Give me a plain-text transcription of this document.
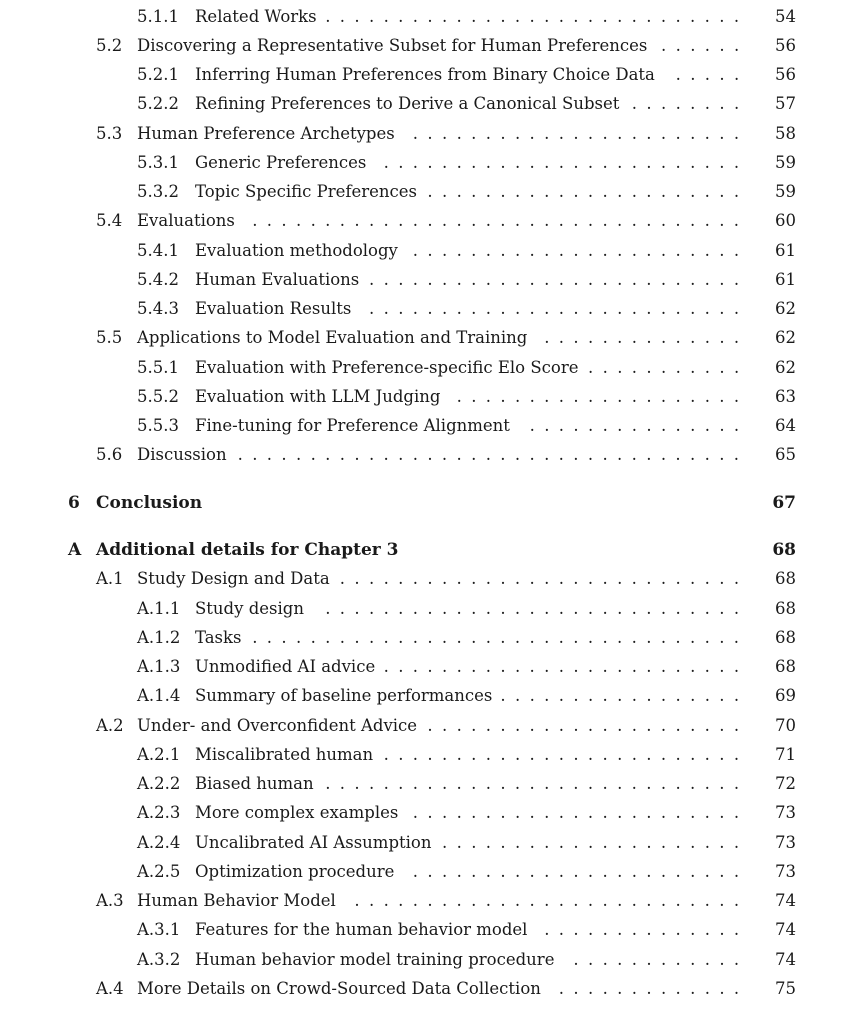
5.1.1 Related Works	54
. . . . . . . . . . . . . . . . . . . . . . . . . . . . .
5.2 Discovering a Representative Subset for Human Preferences	56
. . . . . .
5.2.1 Inferring Human Preferences from Binary Choice Data	56
. . . . .
5.2.2 Refining Preferences to Derive a Canonical Subset	57
. . . . . . . .
5.3 Human Preference Archetypes	58
. . . . . . . . . . . . . . . . . . . . . . .
5.3.1 Generic Preferences	59
. . . . . . . . . . . . . . . . . . . . . . . . .
5.3.2 Topic Specific Preferences	59
. . . . . . . . . . . . . . . . . . . . . .
5.4 Evaluations	60
. . . . . . . . . . . . . . . . . . . . . . . . . . . . . . . . . .
5.4.1 Evaluation methodology	61
. . . . . . . . . . . . . . . . . . . . . . .
5.4.2 Human Evaluations	61
. . . . . . . . . . . . . . . . . . . . . . . . . .
5.4.3 Evaluation Results	62
. . . . . . . . . . . . . . . . . . . . . . . . . .
5.5 Applications to Model Evaluation and Training	62
. . . . . . . . . . . . . .
5.5.1 Evaluation with Preference-specific Elo Score	62
. . . . . . . . . . .
5.5.2 Evaluation with LLM Judging	63
. . . . . . . . . . . . . . . . . . . .
5.5.3 Fine-tuning for Preference Alignment	64
. . . . . . . . . . . . . . .
5.6 Discussion	65
. . . . . . . . . . . . . . . . . . . . . . . . . . . . . . . . . . .
6 Conclusion	67
A Additional details for Chapter 3	68
A.1 Study Design and Data	68
. . . . . . . . . . . . . . . . . . . . . . . . . . . .
A.1.1 Study design	68
. . . . . . . . . . . . . . . . . . . . . . . . . . . . .
A.1.2 Tasks	68
. . . . . . . . . . . . . . . . . . . . . . . . . . . . . . . . . .
A.1.3 Unmodified AI advice	68
. . . . . . . . . . . . . . . . . . . . . . . . .
A.1.4 Summary of baseline performances	69
. . . . . . . . . . . . . . . . .
A.2 Under- and Overconfident Advice	70
. . . . . . . . . . . . . . . . . . . . . .
A.2.1 Miscalibrated human	71
. . . . . . . . . . . . . . . . . . . . . . . . .
A.2.2 Biased human	72
. . . . . . . . . . . . . . . . . . . . . . . . . . . . .
A.2.3 More complex examples	73
. . . . . . . . . . . . . . . . . . . . . . .
A.2.4 Uncalibrated AI Assumption	73
. . . . . . . . . . . . . . . . . . . . .
A.2.5 Optimization procedure	73
. . . . . . . . . . . . . . . . . . . . . . .
A.3 Human Behavior Model	74
. . . . . . . . . . . . . . . . . . . . . . . . . . .
A.3.1 Features for the human behavior model	74
. . . . . . . . . . . . . .
A.3.2 Human behavior model training procedure	74
. . . . . . . . . . . .
A.4 More Details on Crowd-Sourced Data Collection	75
. . . . . . . . . . . . .
